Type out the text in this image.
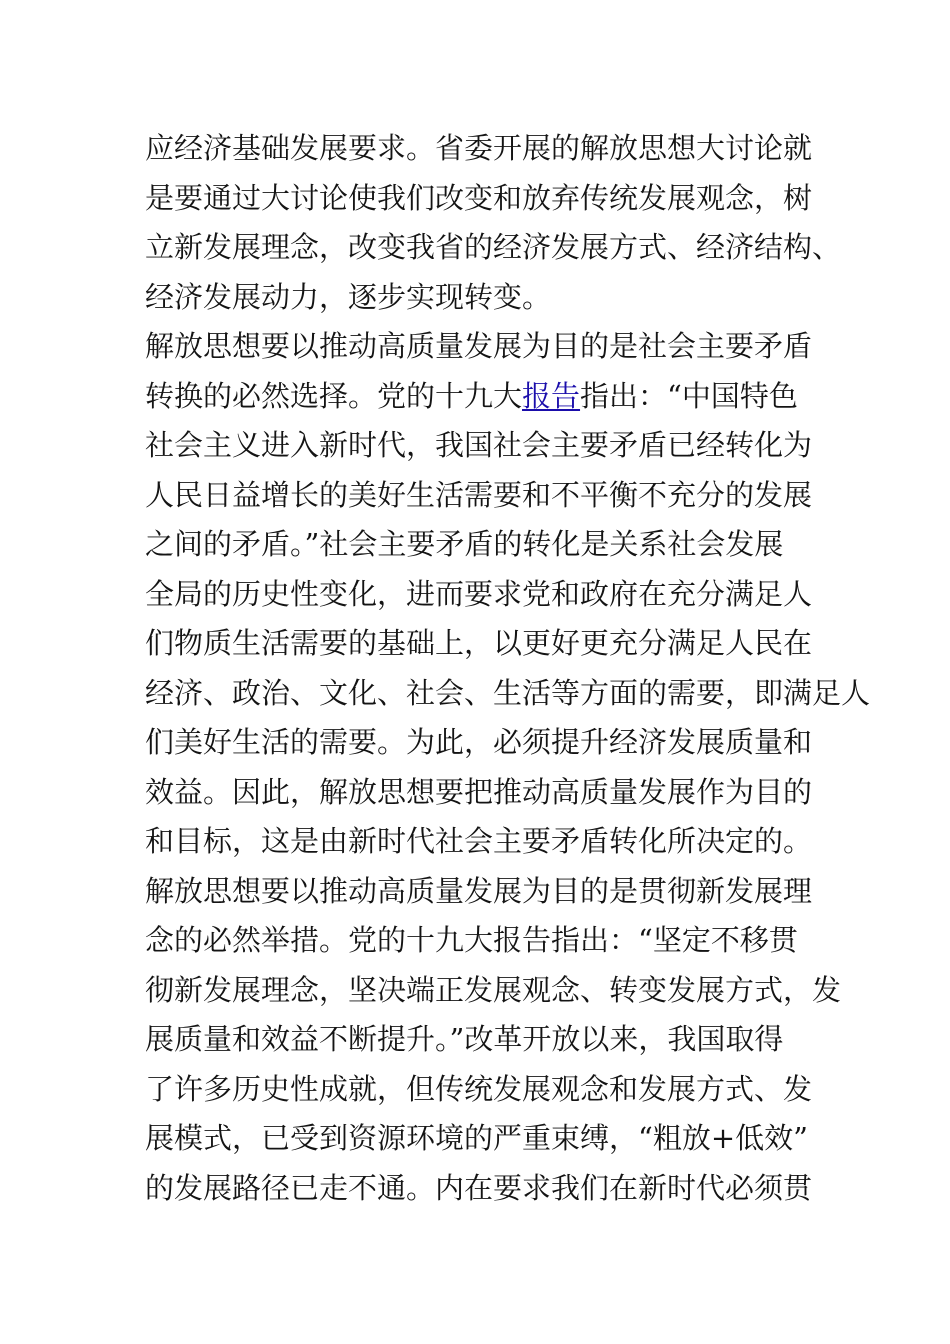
应经济基础发展要求。省委开展的解放思想大讨论就
是要通过大讨论使我们改变和放弃传统发展观念，树
立新发展理念，改变我省的经济发展方式、经济结构、
经济发展动力，逐步实现转变。
解放思想要以推动高质量发展为目的是社会主要矛盾
转换的必然选择。党的十九大报告指出：“中国特色
社会主义进入新时代，我国社会主要矛盾已经转化为
人民日益增长的美好生活需要和不平衡不充分的发展
之间的矛盾。”社会主要矛盾的转化是关系社会发展
全局的历史性变化，进而要求党和政府在充分满足人
们物质生活需要的基础上，以更好更充分满足人民在
经济、政治、文化、社会、生活等方面的需要，即满足人
们美好生活的需要。为此，必须提升经济发展质量和
效益。因此，解放思想要把推动高质量发展作为目的
和目标，这是由新时代社会主要矛盾转化所决定的。
解放思想要以推动高质量发展为目的是贯彻新发展理
念的必然举措。党的十九大报告指出：“坚定不移贯
彻新发展理念，坚决端正发展观念、转变发展方式，发
展质量和效益不断提升。”改革开放以来，我国取得
了许多历史性成就，但传统发展观念和发展方式、发
展模式，已受到资源环境的严重束缚，“粗放+低效”
的发展路径已走不通。内在要求我们在新时代必须贯
